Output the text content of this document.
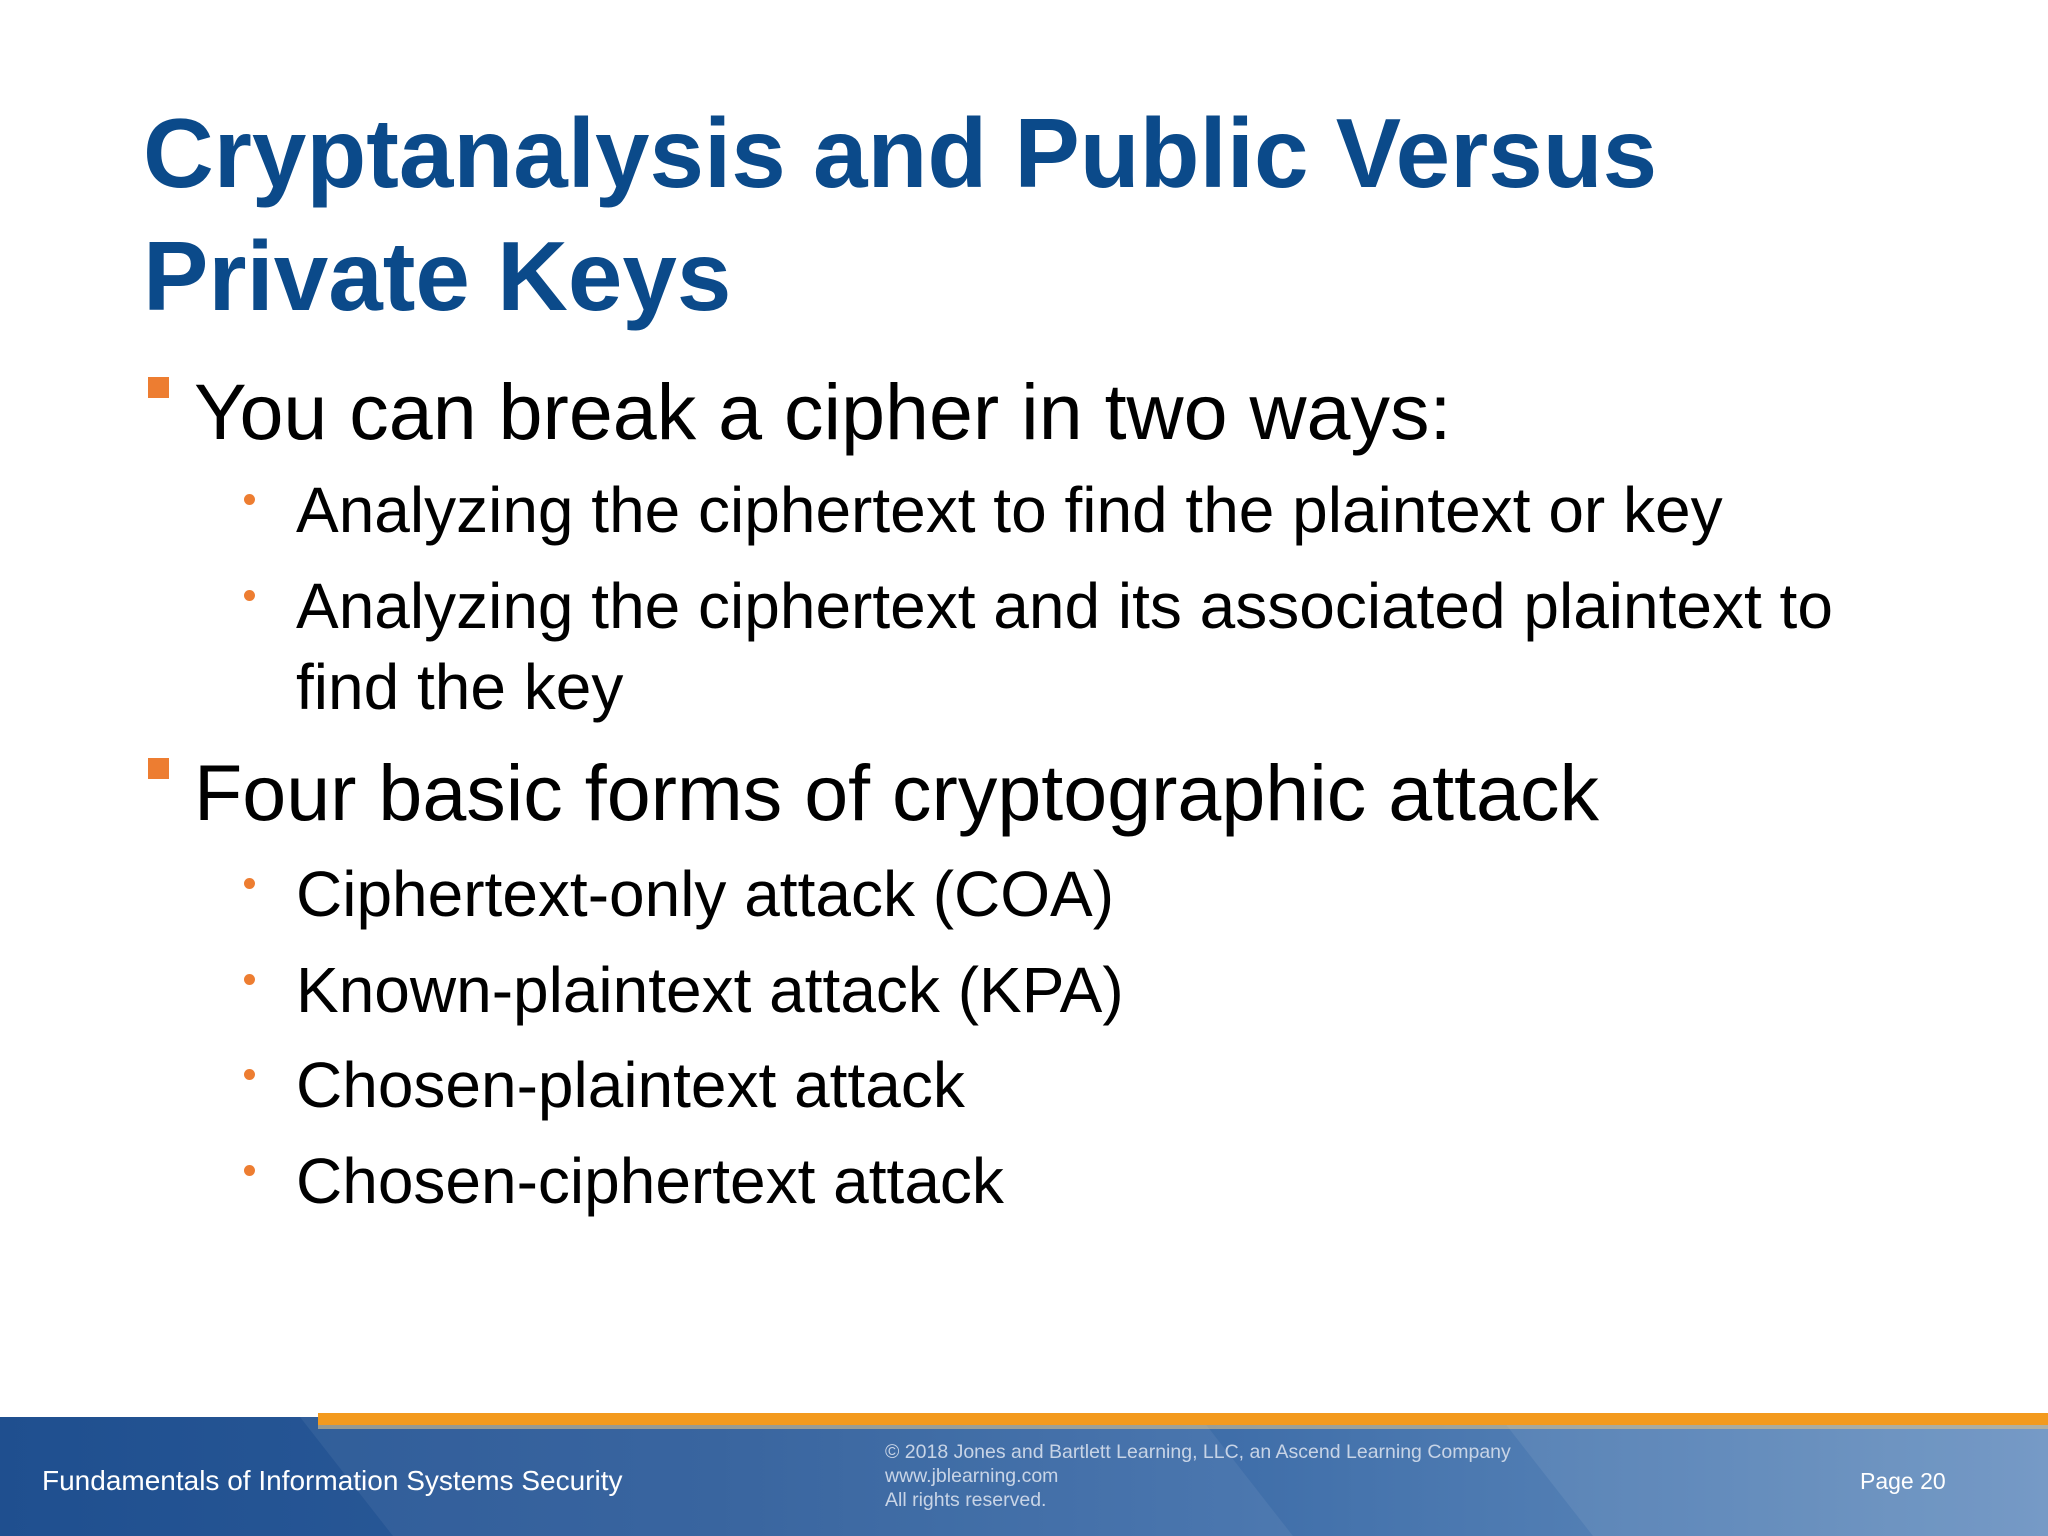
Cryptanalysis and Public Versus
Private Keys
You can break a cipher in two ways:
Analyzing the ciphertext to find the plaintext or key
Analyzing the ciphertext and its associated plaintext to
find the key
Four basic forms of cryptographic attack
Ciphertext-only attack (COA)
Known-plaintext attack (KPA)
Chosen-plaintext attack
Chosen-ciphertext attack
Fundamentals of Information Systems Security
© 2018 Jones and Bartlett Learning, LLC, an Ascend Learning Company
www.jblearning.com
All rights reserved.
Page 20
